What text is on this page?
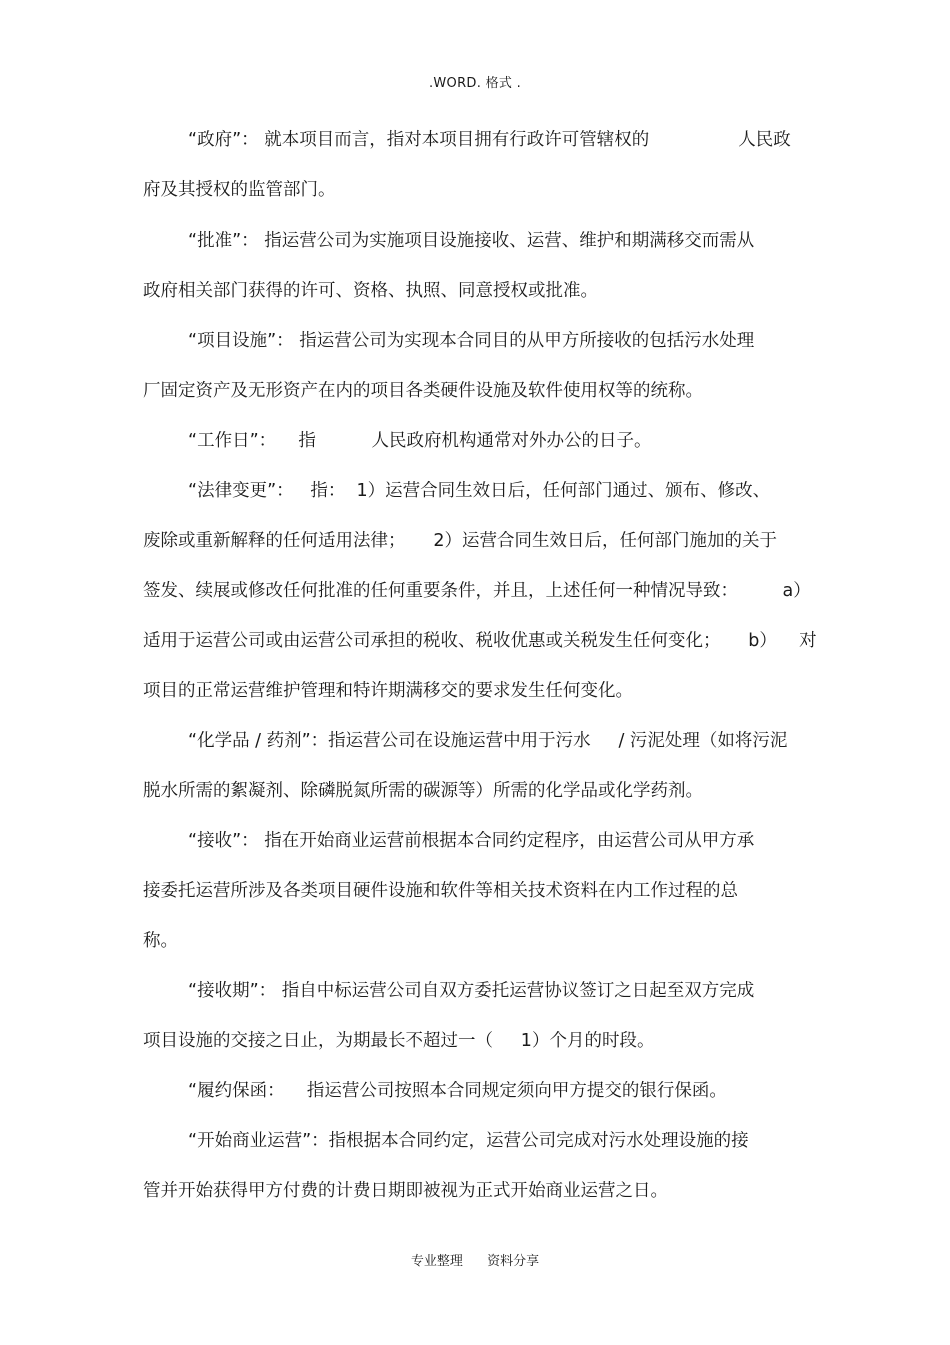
.WORD. 格式 .
“政府”： 就本项目而言，指对本项目拥有行政许可管辖权的                人民政
府及其授权的监管部门。
“批准”： 指运营公司为实施项目设施接收、运营、维护和期满移交而需从
政府相关部门获得的许可、资格、执照、同意授权或批准。
“项目设施”： 指运营公司为实现本合同目的从甲方所接收的包括污水处理
厂固定资产及无形资产在内的项目各类硬件设施及软件使用权等的统称。
“工作日”：    指          人民政府机构通常对外办公的日子。
“法律变更”：   指：  1）运营合同生效日后，任何部门通过、颁布、修改、
废除或重新解释的任何适用法律；     2）运营合同生效日后，任何部门施加的关于
签发、续展或修改任何批准的任何重要条件，并且，上述任何一种情况导致：        a）
适用于运营公司或由运营公司承担的税收、税收优惠或关税发生任何变化；     b）    对
项目的正常运营维护管理和特许期满移交的要求发生任何变化。
“化学品 / 药剂”：指运营公司在设施运营中用于污水     / 污泥处理（如将污泥
脱水所需的絮凝剂、除磷脱氮所需的碳源等）所需的化学品或化学药剂。
“接收”： 指在开始商业运营前根据本合同约定程序，由运营公司从甲方承
接委托运营所涉及各类项目硬件设施和软件等相关技术资料在内工作过程的总
称。
“接收期”： 指自中标运营公司自双方委托运营协议签订之日起至双方完成
项目设施的交接之日止，为期最长不超过一（     1）个月的时段。
“履约保函：    指运营公司按照本合同规定须向甲方提交的银行保函。
“开始商业运营”：指根据本合同约定，运营公司完成对污水处理设施的接
管并开始获得甲方付费的计费日期即被视为正式开始商业运营之日。
专业整理 资料分享
